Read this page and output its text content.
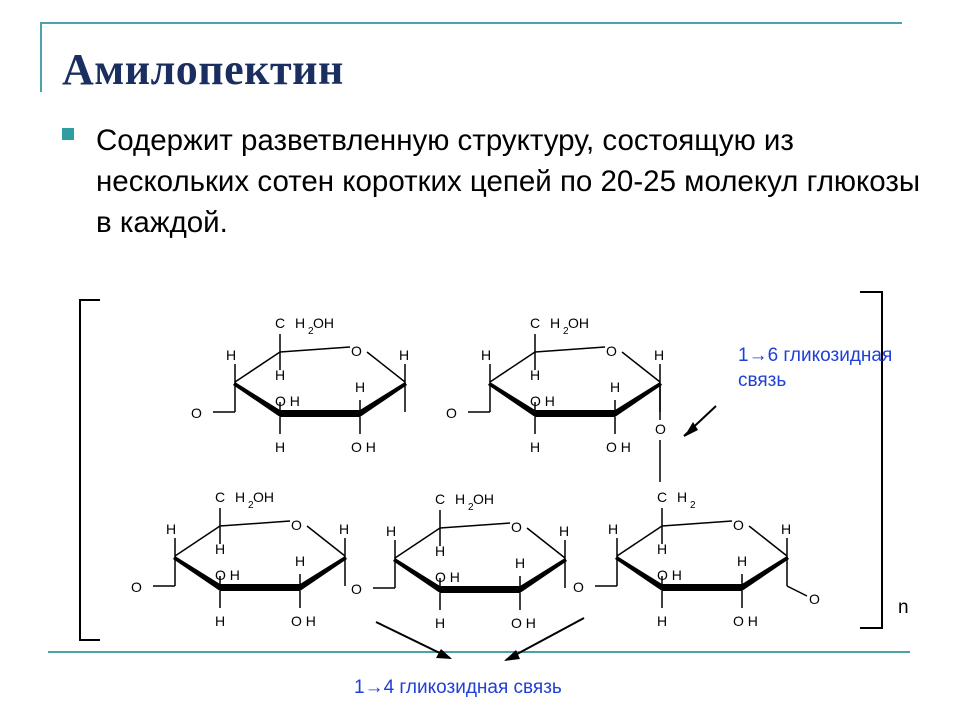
Амилопектин

Содержит разветвленную структуру, состоящую из нескольких сотен коротких цепей по 20-25 молекул глюкозы в каждой.

n
O
C H
2
OH
H
H
O H
H
H	O H
H
O
O
C H
2
OH
H
H
O H
H
H	O H
H
O
O
C H
2
OH
H
H
O H
H
H	O H
H
O
O
C H
2
OH
H
H
O H
H
H	O H
H
O
O
C H
2
H
H
O H
H
H	O H
H
O
O
O
1→6 гликозидная связь
1→4 гликозидная связь
